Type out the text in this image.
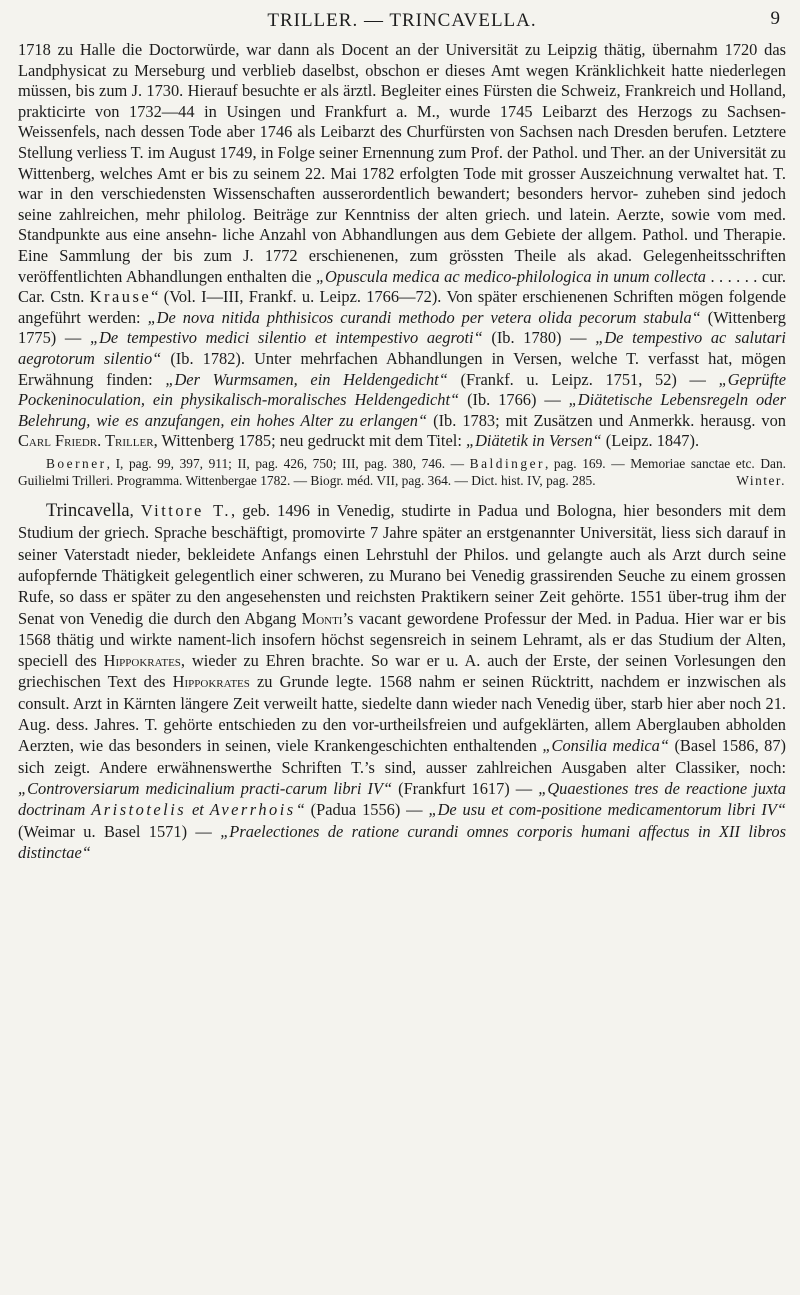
TRILLER. — TRINCAVELLA.	9

1718 zu Halle die Doctorwürde, war dann als Docent an der Universität zu Leipzig thätig, übernahm 1720 das Landphysicat zu Merseburg und verblieb daselbst, obschon er dieses Amt wegen Kränklichkeit hatte niederlegen müssen, bis zum J. 1730. Hierauf besuchte er als ärztl. Begleiter eines Fürsten die Schweiz, Frankreich und Holland, prakticirte von 1732—44 in Usingen und Frankfurt a. M., wurde 1745 Leibarzt des Herzogs zu Sachsen-Weissenfels, nach dessen Tode aber 1746 als Leibarzt des Churfürsten von Sachsen nach Dresden berufen. Letztere Stellung verliess T. im August 1749, in Folge seiner Ernennung zum Prof. der Pathol. und Ther. an der Universität zu Wittenberg, welches Amt er bis zu seinem 22. Mai 1782 erfolgten Tode mit grosser Auszeichnung verwaltet hat. T. war in den verschiedensten Wissenschaften ausserordentlich bewandert; besonders hervor- zuheben sind jedoch seine zahlreichen, mehr philolog. Beiträge zur Kenntniss der alten griech. und latein. Aerzte, sowie vom med. Standpunkte aus eine ansehn- liche Anzahl von Abhandlungen aus dem Gebiete der allgem. Pathol. und Therapie. Eine Sammlung der bis zum J. 1772 erschienenen, zum grössten Theile als akad. Gelegenheitsschriften veröffentlichten Abhandlungen enthalten die „Opuscula medica ac medico-philologica in unum collecta . . . . . . cur. Car. Cstn. Krause“ (Vol. I—III, Frankf. u. Leipz. 1766—72). Von später erschienenen Schriften mögen folgende angeführt werden: „De nova nitida phthisicos curandi methodo per vetera olida pecorum stabula“ (Wittenberg 1775) — „De tempestivo medici silentio et intempestivo aegroti“ (Ib. 1780) — „De tempestivo ac salutari aegrotorum silentio“ (Ib. 1782). Unter mehrfachen Abhandlungen in Versen, welche T. verfasst hat, mögen Erwähnung finden: „Der Wurmsamen, ein Heldengedicht“ (Frankf. u. Leipz. 1751, 52) — „Geprüfte Pockeninoculation, ein physikalisch-moralisches Heldengedicht“ (Ib. 1766) — „Diätetische Lebensregeln oder Belehrung, wie es anzufangen, ein hohes Alter zu erlangen“ (Ib. 1783; mit Zusätzen und Anmerkk. herausg. von Carl Friedr. Triller, Wittenberg 1785; neu gedruckt mit dem Titel: „Diätetik in Versen“ (Leipz. 1847).

Boerner, I, pag. 99, 397, 911; II, pag. 426, 750; III, pag. 380, 746. — Baldinger, pag. 169. — Memoriae sanctae etc. Dan. Guilielmi Trilleri. Programma. Wittenbergae 1782. — Biogr. méd. VII, pag. 364. — Dict. hist. IV, pag. 285.	Winter.

Trincavella, Vittore T., geb. 1496 in Venedig, studirte in Padua und Bologna, hier besonders mit dem Studium der griech. Sprache beschäftigt, promovirte 7 Jahre später an erstgenannter Universität, liess sich darauf in seiner Vaterstadt nieder, bekleidete Anfangs einen Lehrstuhl der Philos. und gelangte auch als Arzt durch seine aufopfernde Thätigkeit gelegentlich einer schweren, zu Murano bei Venedig grassirenden Seuche zu einem grossen Rufe, so dass er später zu den angesehensten und reichsten Praktikern seiner Zeit gehörte. 1551 über-trug ihm der Senat von Venedig die durch den Abgang Monti’s vacant gewordene Professur der Med. in Padua. Hier war er bis 1568 thätig und wirkte nament-lich insofern höchst segensreich in seinem Lehramt, als er das Studium der Alten, speciell des Hippokrates, wieder zu Ehren brachte. So war er u. A. auch der Erste, der seinen Vorlesungen den griechischen Text des Hippokrates zu Grunde legte. 1568 nahm er seinen Rücktritt, nachdem er inzwischen als consult. Arzt in Kärnten längere Zeit verweilt hatte, siedelte dann wieder nach Venedig über, starb hier aber noch 21. Aug. dess. Jahres. T. gehörte entschieden zu den vor-urtheilsfreien und aufgeklärten, allem Aberglauben abholden Aerzten, wie das besonders in seinen, viele Krankengeschichten enthaltenden „Consilia medica“ (Basel 1586, 87) sich zeigt. Andere erwähnenswerthe Schriften T.’s sind, ausser zahlreichen Ausgaben alter Classiker, noch: „Controversiarum medicinalium practi-carum libri IV“ (Frankfurt 1617) — „Quaestiones tres de reactione juxta doctrinam Aristotelis et Averrhois“ (Padua 1556) — „De usu et com-positione medicamentorum libri IV“ (Weimar u. Basel 1571) — „Praelectiones de ratione curandi omnes corporis humani affectus in XII libros distinctae“
